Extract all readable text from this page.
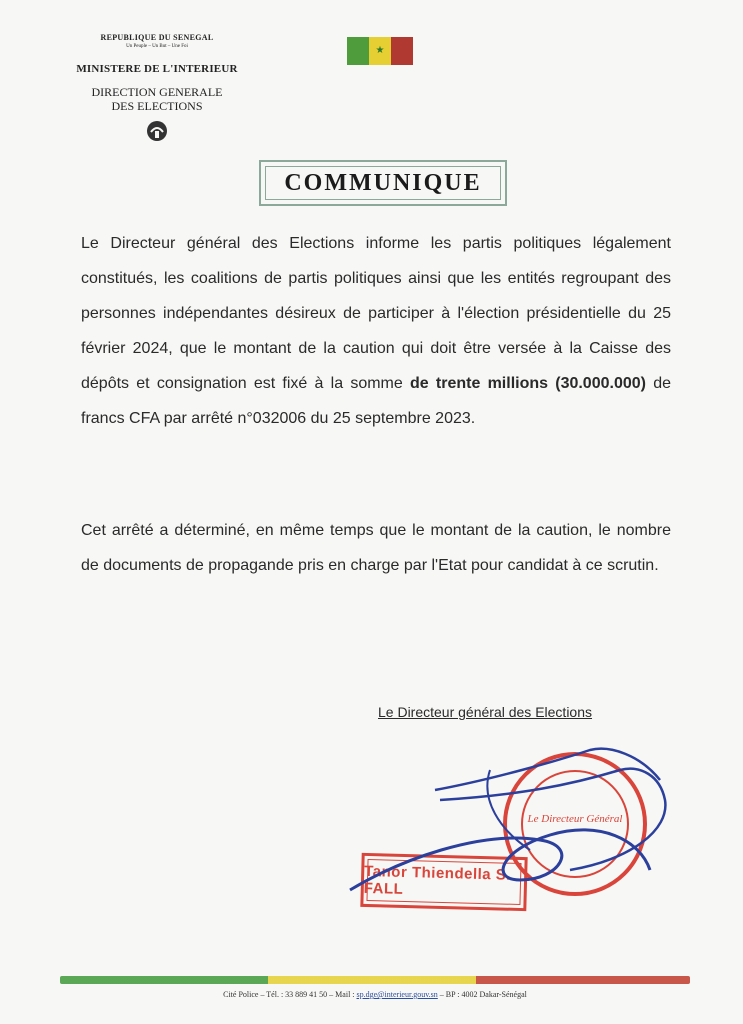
REPUBLIQUE DU SENEGAL
Un Peuple – Un But – Une Foi
MINISTERE DE L'INTERIEUR
DIRECTION GENERALE
DES ELECTIONS
★
COMMUNIQUE

Le Directeur général des Elections informe les partis politiques légalement constitués, les coalitions de partis politiques ainsi que les entités regroupant des personnes indépendantes désireux de participer à l'élection présidentielle du 25 février 2024, que le montant de la caution qui doit être versée à la Caisse des dépôts et consignation est fixé à la somme de trente millions (30.000.000) de francs CFA par arrêté n°032006 du 25 septembre 2023.

Cet arrêté a déterminé, en même temps que le montant de la caution, le nombre de documents de propagande pris en charge par l'Etat pour candidat à ce scrutin.

Le Directeur général des Elections
Le Directeur Général
Tanor Thiendella S. FALL
Cité Police – Tél. : 33 889 41 50 – Mail : sp.dge@interieur.gouv.sn – BP : 4002 Dakar-Sénégal
